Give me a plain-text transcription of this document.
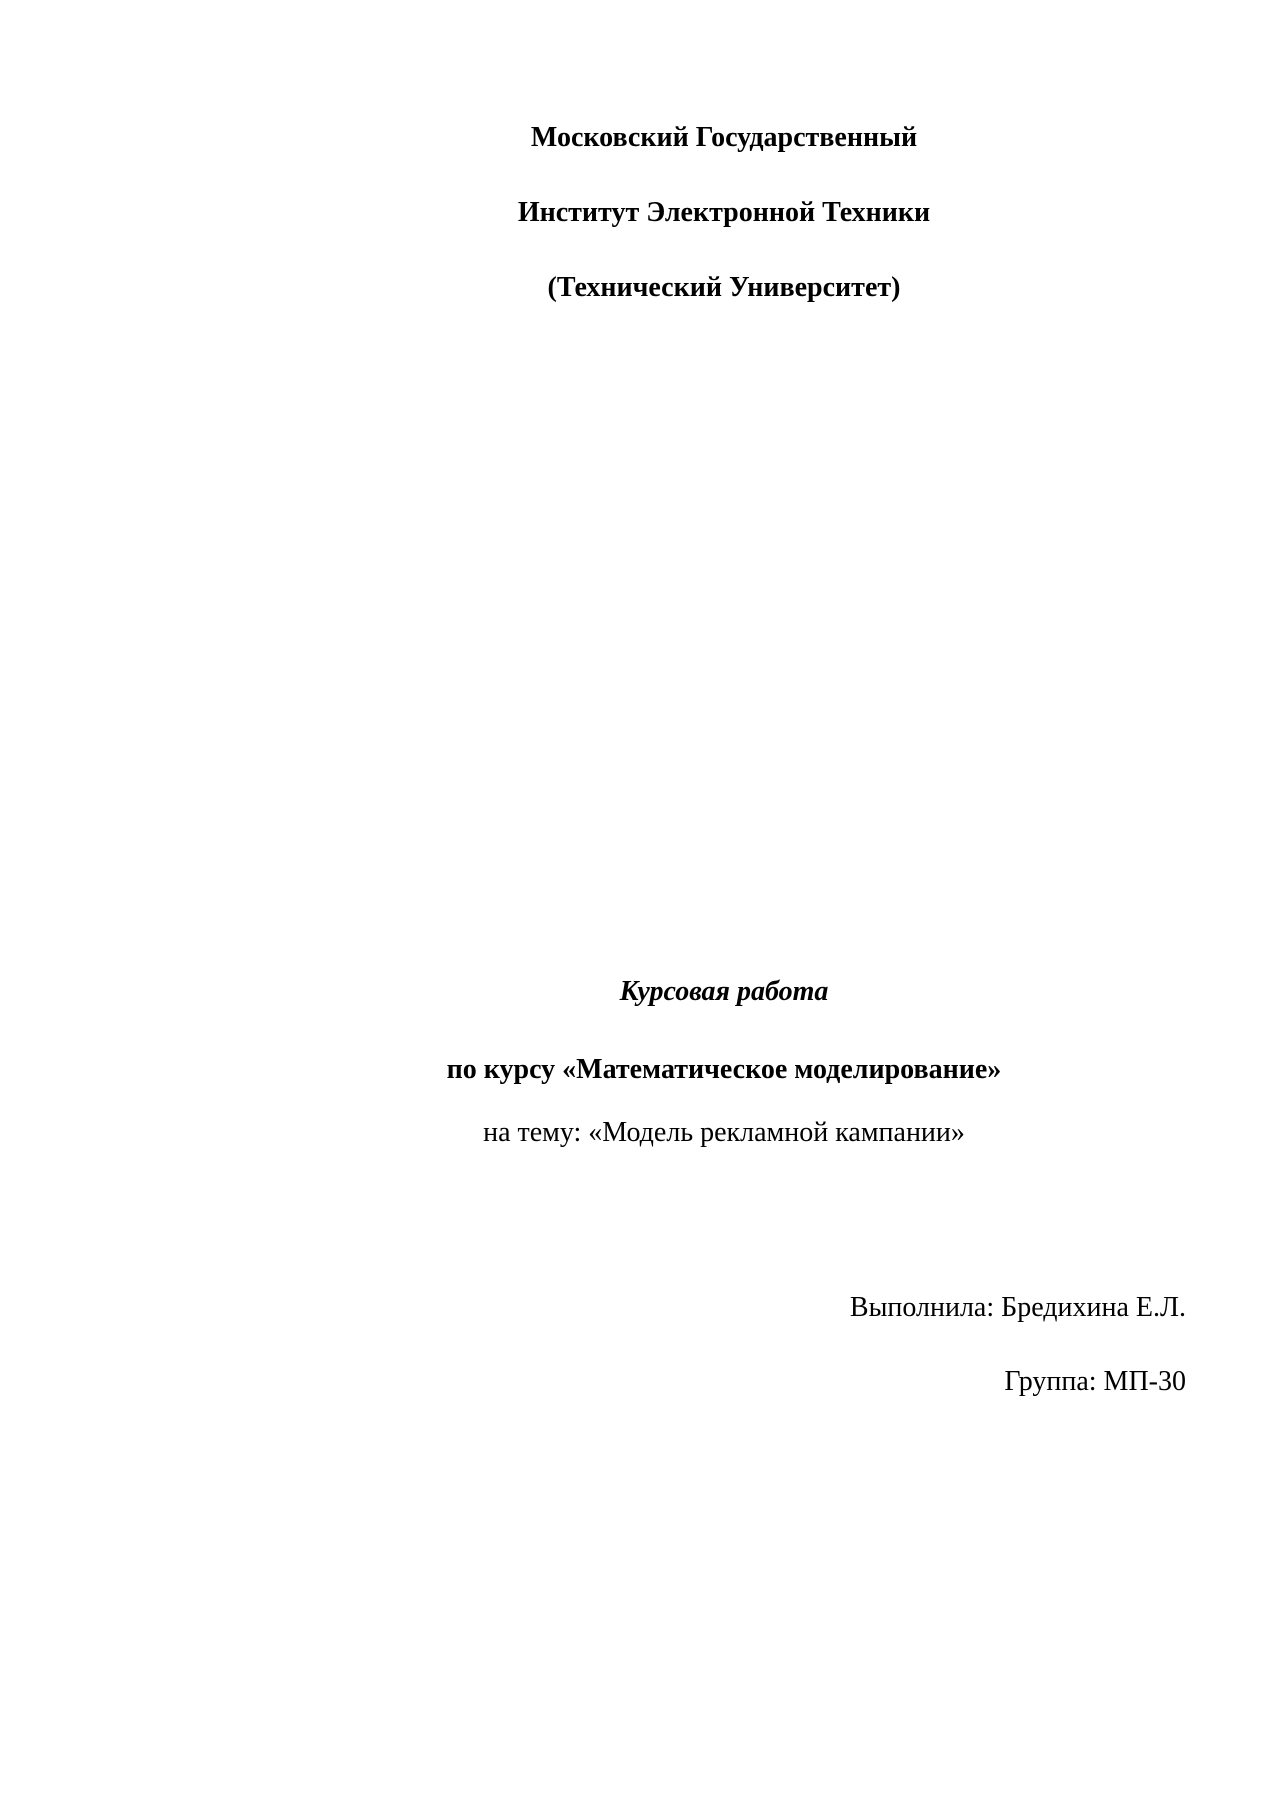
Московский Государственный
Институт Электронной Техники
(Технический Университет)
Курсовая работа
по курсу «Математическое моделирование»
на тему: «Модель рекламной кампании»
Выполнила: Бредихина Е.Л.
Группа: МП-30
